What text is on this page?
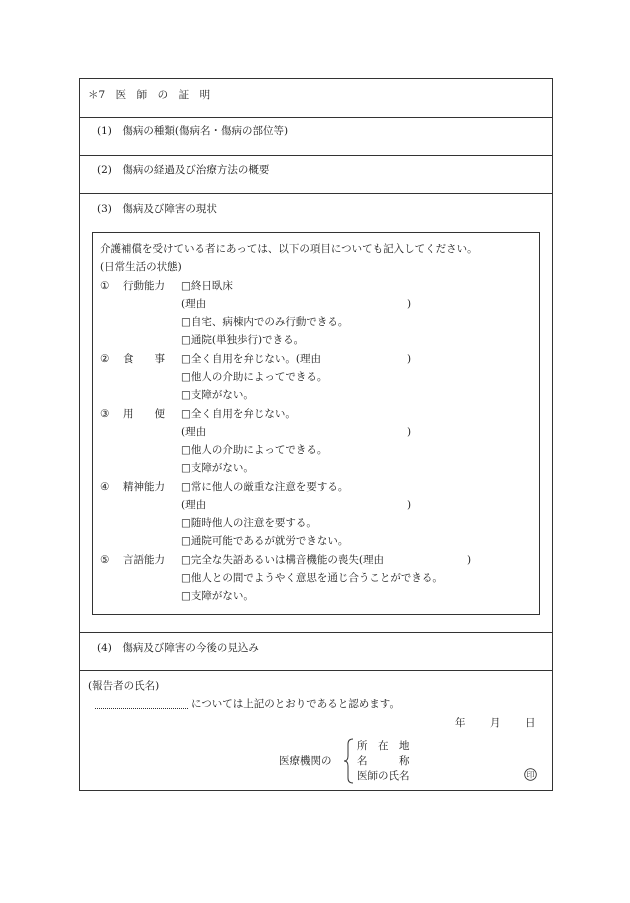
＊7　医　師　の　証　明
(1)　傷病の種類(傷病名・傷病の部位等)
(2)　傷病の経過及び治療方法の概要
(3)　傷病及び障害の現状
介護補償を受けている者にあっては、以下の項目についても記入してください。
(日常生活の状態)
① 行動能力 □終日臥床
(理由	)
□自宅、病棟内でのみ行動できる。
□通院(単独歩行)できる。
② 食　　事 □全く自用を弁じない。(理由	)
□他人の介助によってできる。
□支障がない。
③ 用　　便 □全く自用を弁じない。
(理由	)
□他人の介助によってできる。
□支障がない。
④ 精神能力 □常に他人の厳重な注意を要する。
(理由	)
□随時他人の注意を要する。
□通院可能であるが就労できない。
⑤ 言語能力 □完全な失語あるいは構音機能の喪失(理由	)
□他人との間でようやく意思を通じ合うことができる。
□支障がない。
(4)　傷病及び障害の今後の見込み
(報告者の氏名)
については上記のとおりであると認めます。
年 月 日
医療機関の
所　在　地
名　　　称
医師の氏名	印
